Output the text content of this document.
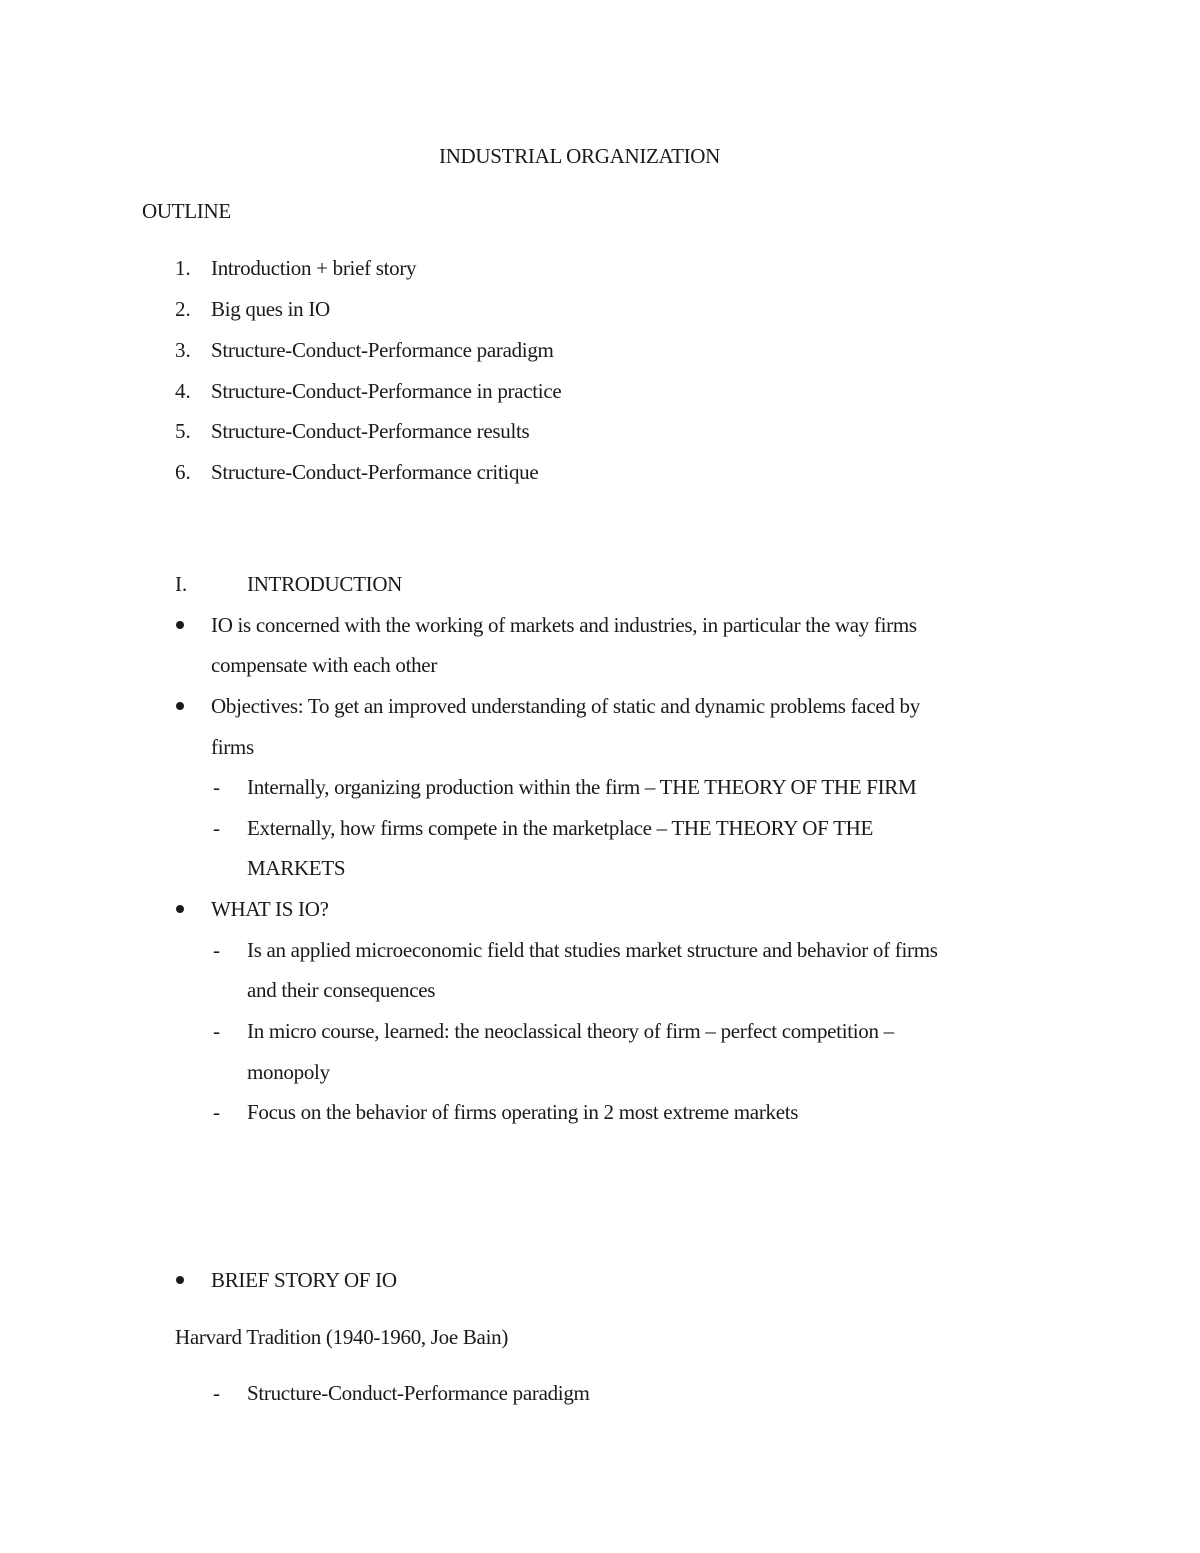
INDUSTRIAL ORGANIZATION
OUTLINE
1. Introduction + brief story
2. Big ques in IO
3. Structure-Conduct-Performance paradigm
4. Structure-Conduct-Performance in practice
5. Structure-Conduct-Performance results
6. Structure-Conduct-Performance critique
I.	INTRODUCTION
IO is concerned with the working of markets and industries, in particular the way firms
compensate with each other
Objectives: To get an improved understanding of static and dynamic problems faced by
firms
- Internally, organizing production within the firm – THE THEORY OF THE FIRM
- Externally, how firms compete in the marketplace – THE THEORY OF THE
MARKETS
WHAT IS IO?
- Is an applied microeconomic field that studies market structure and behavior of firms
and their consequences
- In micro course, learned: the neoclassical theory of firm – perfect competition –
monopoly
- Focus on the behavior of firms operating in 2 most extreme markets
BRIEF STORY OF IO
Harvard Tradition (1940-1960, Joe Bain)
- Structure-Conduct-Performance paradigm
